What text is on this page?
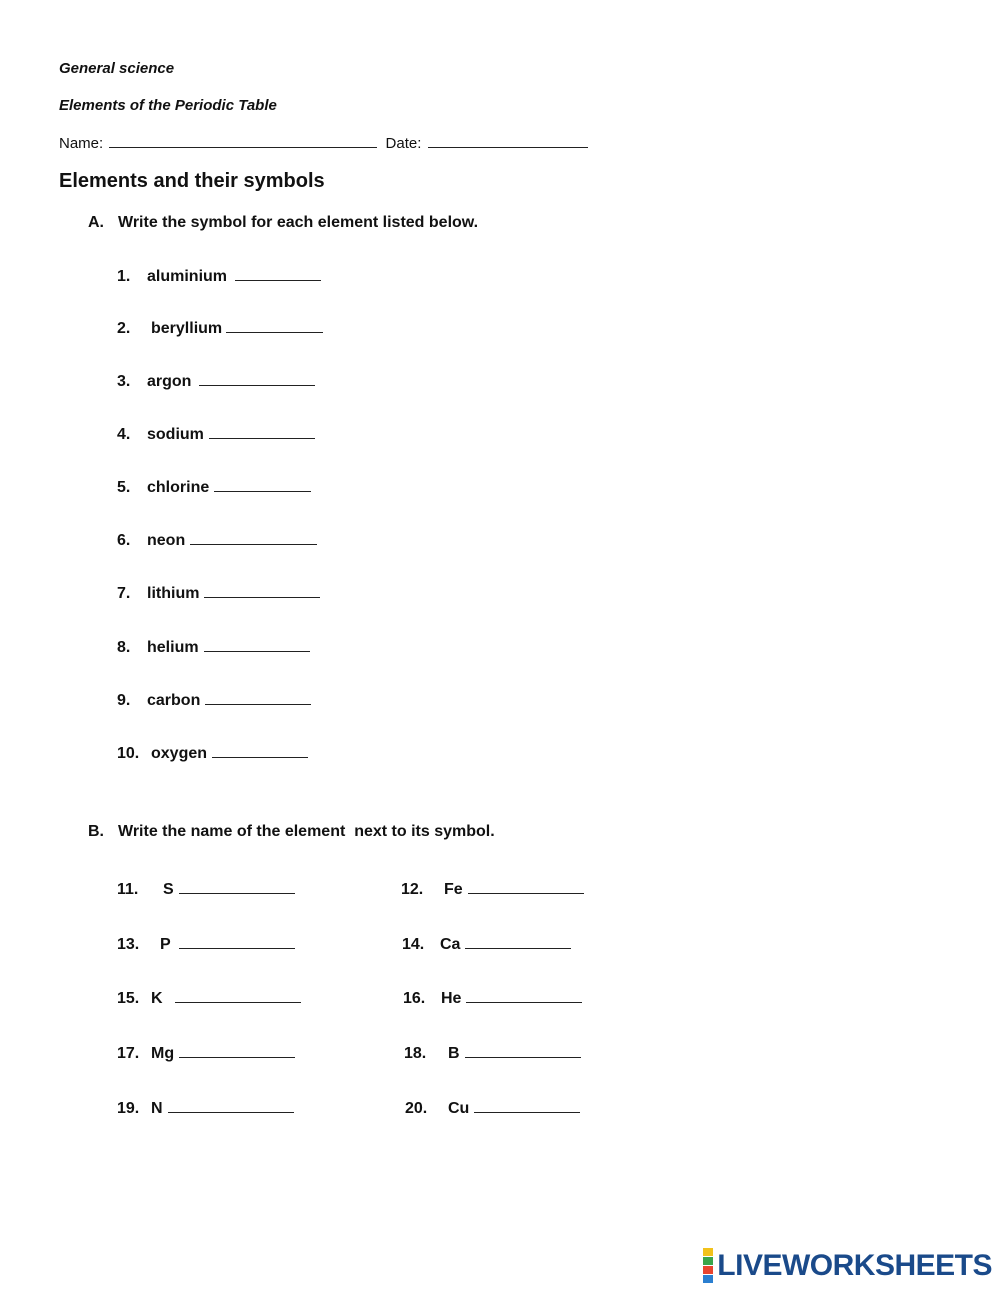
General science
Elements of the Periodic Table
Name:	Date:
Elements and their symbols
A. Write the symbol for each element listed below.
1. aluminium
2. beryllium
3. argon
4. sodium
5. chlorine
6. neon
7. lithium
8. helium
9. carbon
10. oxygen
B. Write the name of the element  next to its symbol.
11. S	12. Fe
13. P	14. Ca
15. K	16. He
17. Mg	18. B
19. N	20. Cu
LIVEWORKSHEETS
